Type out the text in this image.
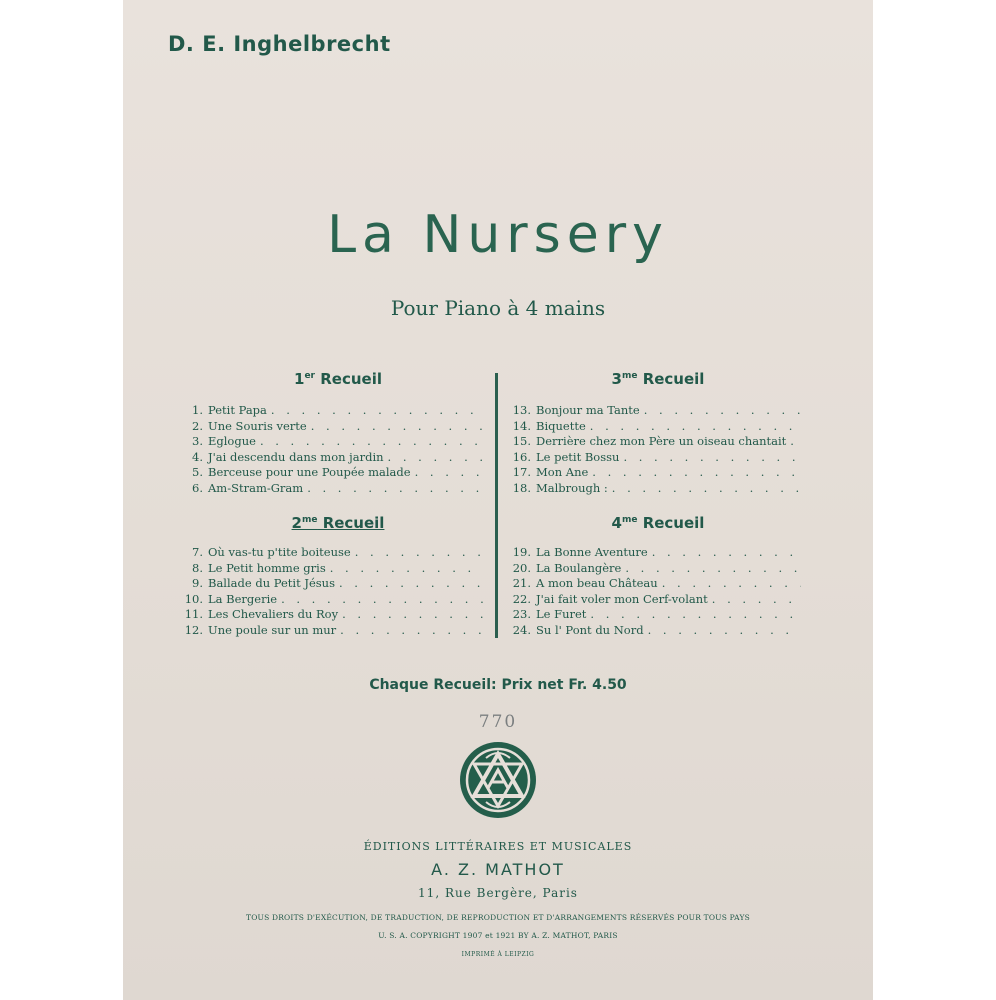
D. E. Inghelbrecht
La Nursery
Pour Piano à 4 mains
1er Recueil
$2^{me}$ Recueil
$3^{me}$ Recueil
$4^{me}$ Recueil
1. Petit Papa
. . .
2. Une Souris verte
. . .
3. Eglogue
. . .
4. J'ai descendu dans mon jardin
. . .
5. Berceuse pour une Poupée malade
. . .
6. Am-Stram-Gram
. . .
7. Où vas-tu p'tite boiteuse
. . .
8. Le Petit homme gris
. . .
9. Ballade du Petit Jésus
. . .
10. La Bergerie
. . .
11. Les Chevaliers du Roy
. . .
12. Une poule sur un mur
. . .
13. Bonjour ma Tante
. . .
14. Biquette
. . .
15. Derrière chez mon Père un oiseau chantait
. . .
16. Le petit Bossu
. . .
17. Mon Ane
. . .
18. Malbrough :
. . .
19. La Bonne Aventure
. . .
20. La Boulangère
. . .
21. A mon beau Château
. . .
22. J'ai fait voler mon Cerf-volant
. . .
23. Le Furet
. . .
24. Su l' Pont du Nord
. . .
Chaque Recueil: Prix net Fr. 4.50
770
ÉDITIONS LITTÉRAIRES ET MUSICALES
A. Z. MATHOT
11, Rue Bergère, Paris
TOUS DROITS D'EXÉCUTION, DE TRADUCTION, DE REPRODUCTION ET D'ARRANGEMENTS RÉSERVÉS POUR TOUS PAYS
U. S. A. COPYRIGHT 1907 et 1921 BY A. Z. MATHOT, PARIS
IMPRIMÉ À LEIPZIG
